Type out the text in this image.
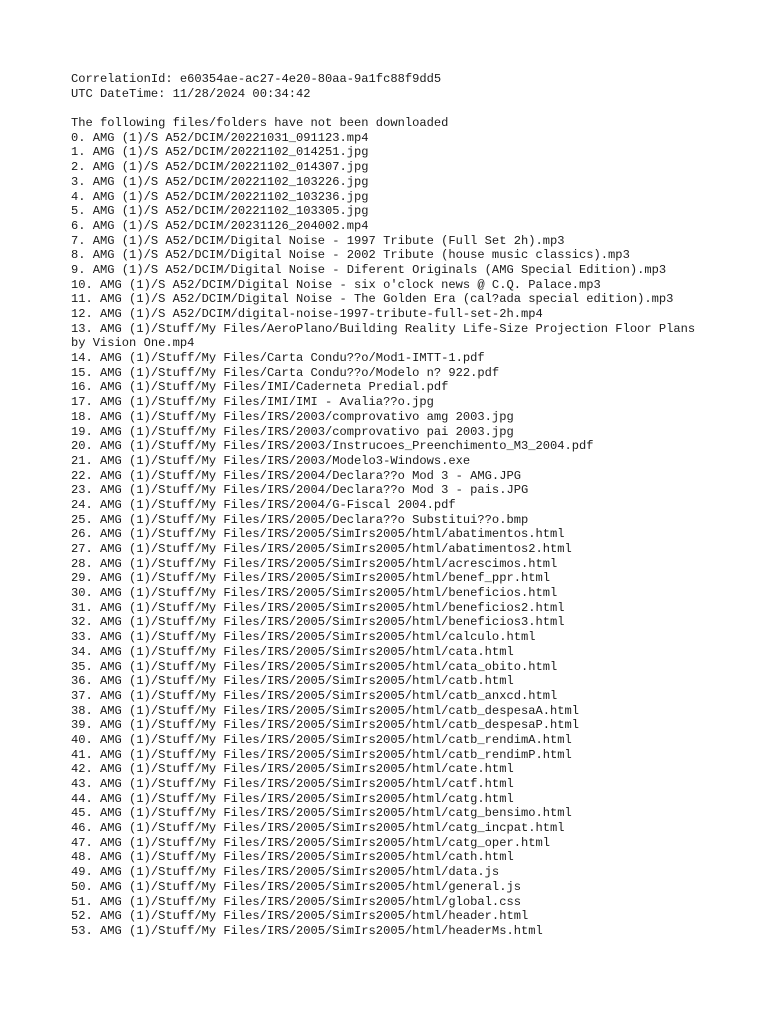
CorrelationId: e60354ae-ac27-4e20-80aa-9a1fc88f9dd5
UTC DateTime: 11/28/2024 00:34:42
The following files/folders have not been downloaded
0. AMG (1)/S A52/DCIM/20221031_091123.mp4
1. AMG (1)/S A52/DCIM/20221102_014251.jpg
2. AMG (1)/S A52/DCIM/20221102_014307.jpg
3. AMG (1)/S A52/DCIM/20221102_103226.jpg
4. AMG (1)/S A52/DCIM/20221102_103236.jpg
5. AMG (1)/S A52/DCIM/20221102_103305.jpg
6. AMG (1)/S A52/DCIM/20231126_204002.mp4
7. AMG (1)/S A52/DCIM/Digital Noise - 1997 Tribute (Full Set 2h).mp3
8. AMG (1)/S A52/DCIM/Digital Noise - 2002 Tribute (house music classics).mp3
9. AMG (1)/S A52/DCIM/Digital Noise - Diferent Originals (AMG Special Edition).mp3
10. AMG (1)/S A52/DCIM/Digital Noise - six o'clock news @ C.Q. Palace.mp3
11. AMG (1)/S A52/DCIM/Digital Noise - The Golden Era (cal?ada special edition).mp3
12. AMG (1)/S A52/DCIM/digital-noise-1997-tribute-full-set-2h.mp4
13. AMG (1)/Stuff/My Files/AeroPlano/Building Reality Life-Size Projection Floor Plans by Vision One.mp4
14. AMG (1)/Stuff/My Files/Carta Condu??o/Mod1-IMTT-1.pdf
15. AMG (1)/Stuff/My Files/Carta Condu??o/Modelo n? 922.pdf
16. AMG (1)/Stuff/My Files/IMI/Caderneta Predial.pdf
17. AMG (1)/Stuff/My Files/IMI/IMI - Avalia??o.jpg
18. AMG (1)/Stuff/My Files/IRS/2003/comprovativo amg 2003.jpg
19. AMG (1)/Stuff/My Files/IRS/2003/comprovativo pai 2003.jpg
20. AMG (1)/Stuff/My Files/IRS/2003/Instrucoes_Preenchimento_M3_2004.pdf
21. AMG (1)/Stuff/My Files/IRS/2003/Modelo3-Windows.exe
22. AMG (1)/Stuff/My Files/IRS/2004/Declara??o Mod 3 - AMG.JPG
23. AMG (1)/Stuff/My Files/IRS/2004/Declara??o Mod 3 - pais.JPG
24. AMG (1)/Stuff/My Files/IRS/2004/G-Fiscal 2004.pdf
25. AMG (1)/Stuff/My Files/IRS/2005/Declara??o Substitui??o.bmp
26. AMG (1)/Stuff/My Files/IRS/2005/SimIrs2005/html/abatimentos.html
27. AMG (1)/Stuff/My Files/IRS/2005/SimIrs2005/html/abatimentos2.html
28. AMG (1)/Stuff/My Files/IRS/2005/SimIrs2005/html/acrescimos.html
29. AMG (1)/Stuff/My Files/IRS/2005/SimIrs2005/html/benef_ppr.html
30. AMG (1)/Stuff/My Files/IRS/2005/SimIrs2005/html/beneficios.html
31. AMG (1)/Stuff/My Files/IRS/2005/SimIrs2005/html/beneficios2.html
32. AMG (1)/Stuff/My Files/IRS/2005/SimIrs2005/html/beneficios3.html
33. AMG (1)/Stuff/My Files/IRS/2005/SimIrs2005/html/calculo.html
34. AMG (1)/Stuff/My Files/IRS/2005/SimIrs2005/html/cata.html
35. AMG (1)/Stuff/My Files/IRS/2005/SimIrs2005/html/cata_obito.html
36. AMG (1)/Stuff/My Files/IRS/2005/SimIrs2005/html/catb.html
37. AMG (1)/Stuff/My Files/IRS/2005/SimIrs2005/html/catb_anxcd.html
38. AMG (1)/Stuff/My Files/IRS/2005/SimIrs2005/html/catb_despesaA.html
39. AMG (1)/Stuff/My Files/IRS/2005/SimIrs2005/html/catb_despesaP.html
40. AMG (1)/Stuff/My Files/IRS/2005/SimIrs2005/html/catb_rendimA.html
41. AMG (1)/Stuff/My Files/IRS/2005/SimIrs2005/html/catb_rendimP.html
42. AMG (1)/Stuff/My Files/IRS/2005/SimIrs2005/html/cate.html
43. AMG (1)/Stuff/My Files/IRS/2005/SimIrs2005/html/catf.html
44. AMG (1)/Stuff/My Files/IRS/2005/SimIrs2005/html/catg.html
45. AMG (1)/Stuff/My Files/IRS/2005/SimIrs2005/html/catg_bensimo.html
46. AMG (1)/Stuff/My Files/IRS/2005/SimIrs2005/html/catg_incpat.html
47. AMG (1)/Stuff/My Files/IRS/2005/SimIrs2005/html/catg_oper.html
48. AMG (1)/Stuff/My Files/IRS/2005/SimIrs2005/html/cath.html
49. AMG (1)/Stuff/My Files/IRS/2005/SimIrs2005/html/data.js
50. AMG (1)/Stuff/My Files/IRS/2005/SimIrs2005/html/general.js
51. AMG (1)/Stuff/My Files/IRS/2005/SimIrs2005/html/global.css
52. AMG (1)/Stuff/My Files/IRS/2005/SimIrs2005/html/header.html
53. AMG (1)/Stuff/My Files/IRS/2005/SimIrs2005/html/headerMs.html
